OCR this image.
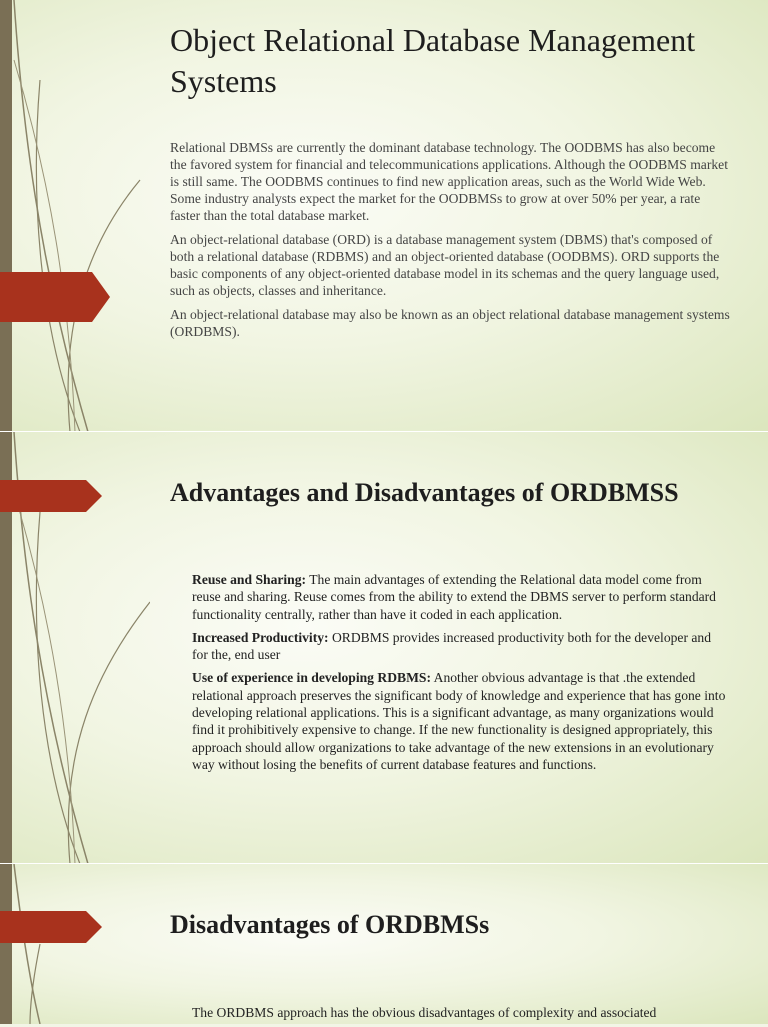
Object Relational Database Management Systems

Relational DBMSs are currently the dominant database technology. The OODBMS has also become the favored system for financial and telecommunications applications. Although the OODBMS market is still same. The OODBMS continues to find new application areas, such as the World Wide Web. Some industry analysts expect the market for the OODBMSs to grow at over 50% per year, a rate faster than the total database market.

An object-relational database (ORD) is a database management system (DBMS) that's composed of both a relational database (RDBMS) and an object-oriented database (OODBMS). ORD supports the basic components of any object-oriented database model in its schemas and the query language used, such as objects, classes and inheritance.

An object-relational database may also be known as an object relational database management systems (ORDBMS).

Advantages and Disadvantages of ORDBMSS
Reuse and Sharing: The main advantages of extending the Relational data model come from reuse and sharing. Reuse comes from the ability to extend the DBMS server to perform standard functionality centrally, rather than have it coded in each application.
Increased Productivity: ORDBMS provides increased productivity both for the developer and for the, end user
Use of experience in developing RDBMS: Another obvious advantage is that .the extended relational approach preserves the significant body of knowledge and experience that has gone into developing relational applications. This is a significant advantage, as many organizations would find it prohibitively expensive to change. If the new functionality is designed appropriately, this approach should allow organizations to take advantage of the new extensions in an evolutionary way without losing the benefits of current database features and functions.
Disadvantages of ORDBMSs
The ORDBMS approach has the obvious disadvantages of complexity and associated
